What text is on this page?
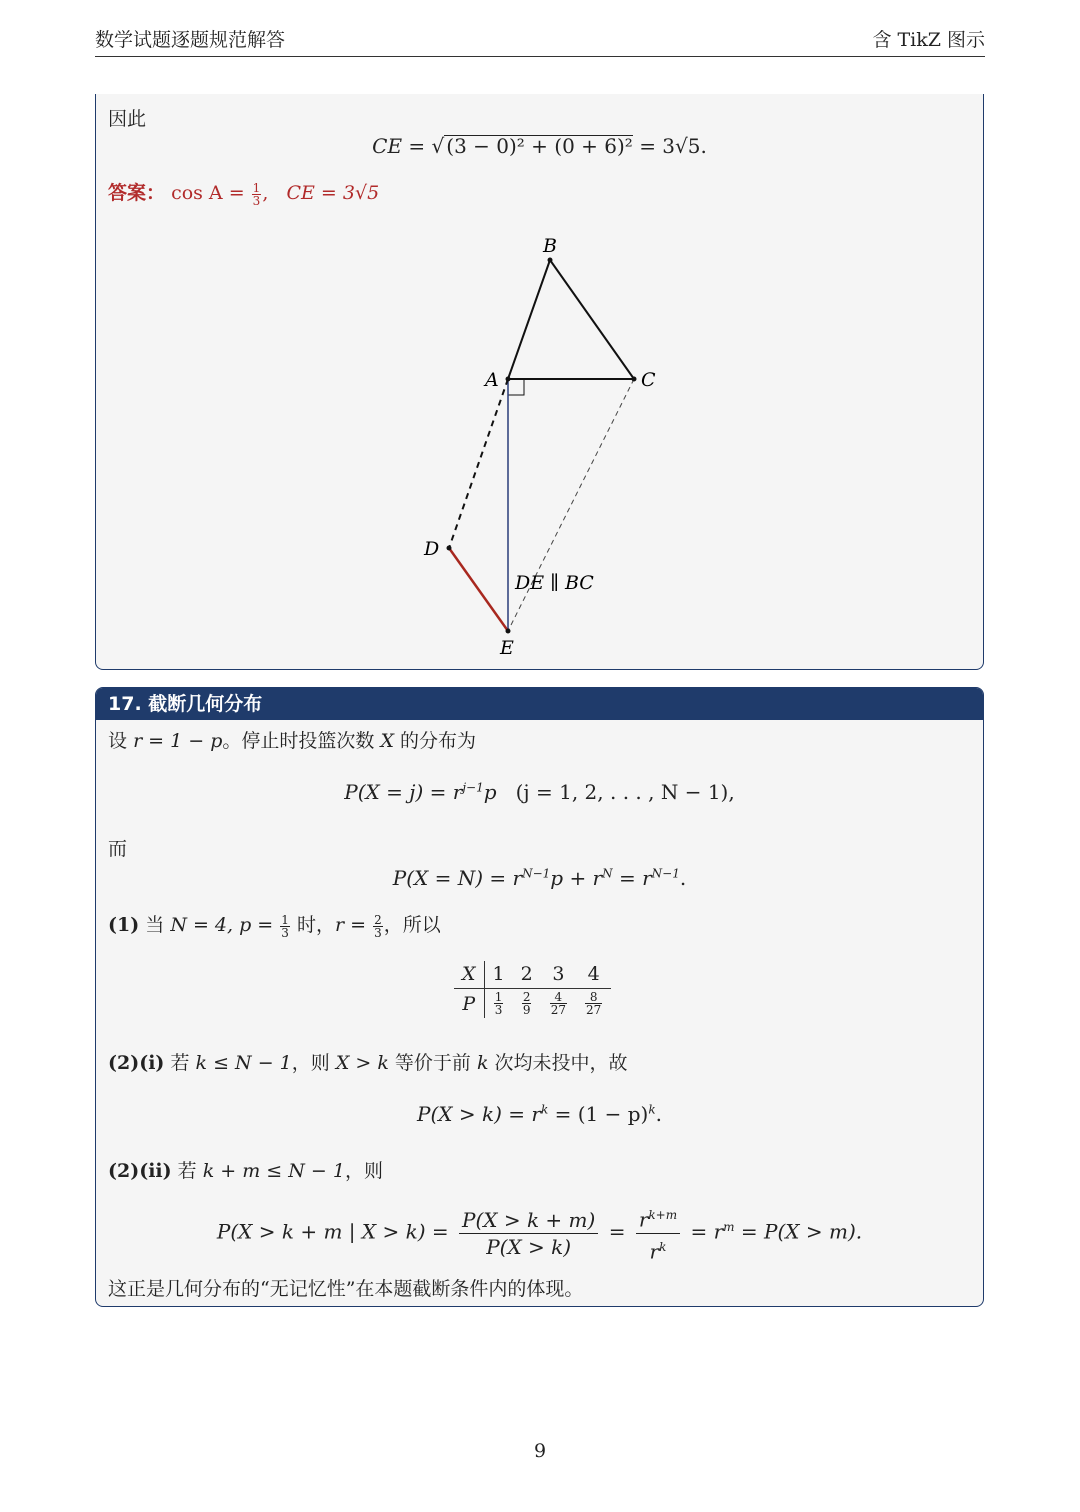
数学试题逐题规范解答	含 TikZ 图示
因此
CE = √ (3 − 0)² + (0 + 6)² = 3√5.
答案： $\cos A = \frac{1}{3}$ , CE = 3√5
B
A	C
D
E
DE ∥ BC
17. 截断几何分布
设 r = 1 − p。停止时投篮次数 X 的分布为
$P(X = j) = r^{j-1}p$ (j = 1, 2, . . . , N − 1),
而
$P(X = N) = r^{N-1}p + r^N = r^{N-1}$.
(1) 当 N = 4, $p = \frac{1}{3}$ 时，$r = \frac{2}{3}$ ，所以
X	1	2	3	4
P	$\frac{1}{3}$	$\frac{2}{9}$	$\frac{4}{27}$	$\frac{8}{27}$
(2)(i) 若 k ≤ N − 1，则 X > k 等价于前 k 次均未投中，故
$P(X > k) = r^k = (1 - p)^k$.
(2)(ii) 若 k + m ≤ N − 1，则
P(X > k + m | $X > k) = \frac{P(X > k + m)}{P(X > k)} = \frac{r^{k+m}}{r^k} = r^m = P(X > m)$.
这正是几何分布的“无记忆性”在本题截断条件内的体现。
9
